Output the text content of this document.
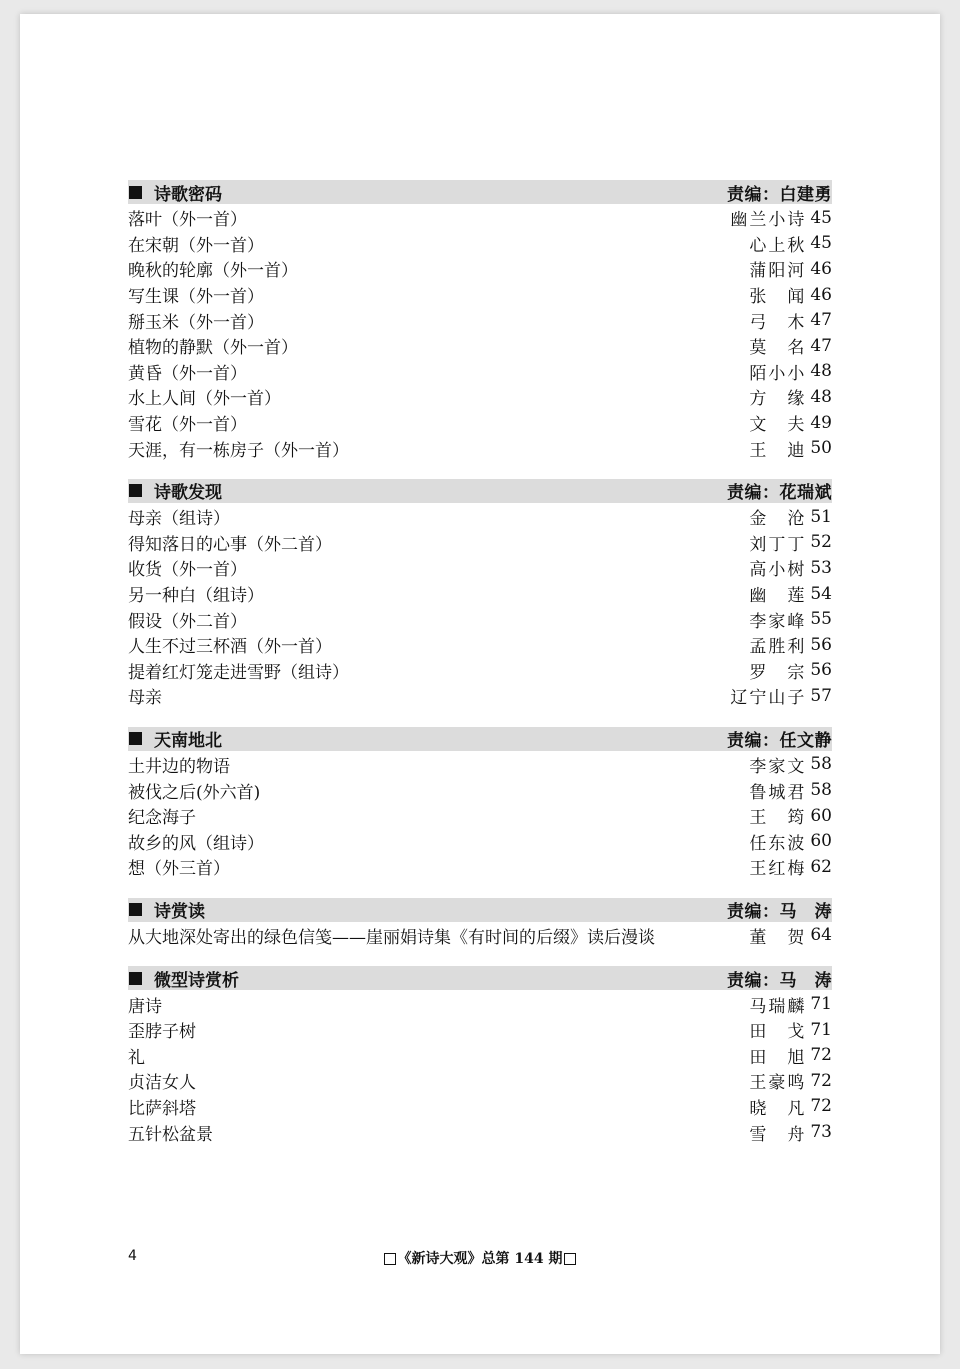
诗歌密码	责编：白建勇
落叶（外一首）	幽兰小诗 45
在宋朝（外一首）	心上秋 45
晚秋的轮廓（外一首）	蒲阳河 46
写生课（外一首）	张　闻 46
掰玉米（外一首）	弓　木 47
植物的静默（外一首）	莫　名 47
黄昏（外一首）	陌小小 48
水上人间（外一首）	方　缘 48
雪花（外一首）	文　夫 49
天涯，有一栋房子（外一首）	王　迪 50
诗歌发现	责编：花瑞斌
母亲（组诗）	金　沧 51
得知落日的心事（外二首）	刘丁丁 52
收货（外一首）	高小树 53
另一种白（组诗）	幽　莲 54
假设（外二首）	李家峰 55
人生不过三杯酒（外一首）	孟胜利 56
提着红灯笼走进雪野（组诗）	罗　宗 56
母亲	辽宁山子 57
天南地北	责编：任文静
土井边的物语	李家文 58
被伐之后(外六首)	鲁城君 58
纪念海子	王　筠 60
故乡的风（组诗）	任东波 60
想（外三首）	王红梅 62
诗赏读	责编：马　涛
从大地深处寄出的绿色信笺——崖丽娟诗集《有时间的后缀》读后漫谈	董　贺 64
微型诗赏析	责编：马　涛
唐诗	马瑞麟 71
歪脖子树	田　戈 71
礼	田　旭 72
贞洁女人	王豪鸣 72
比萨斜塔	晓　凡 72
五针松盆景	雪　舟 73
4	《新诗大观》总第 144 期
